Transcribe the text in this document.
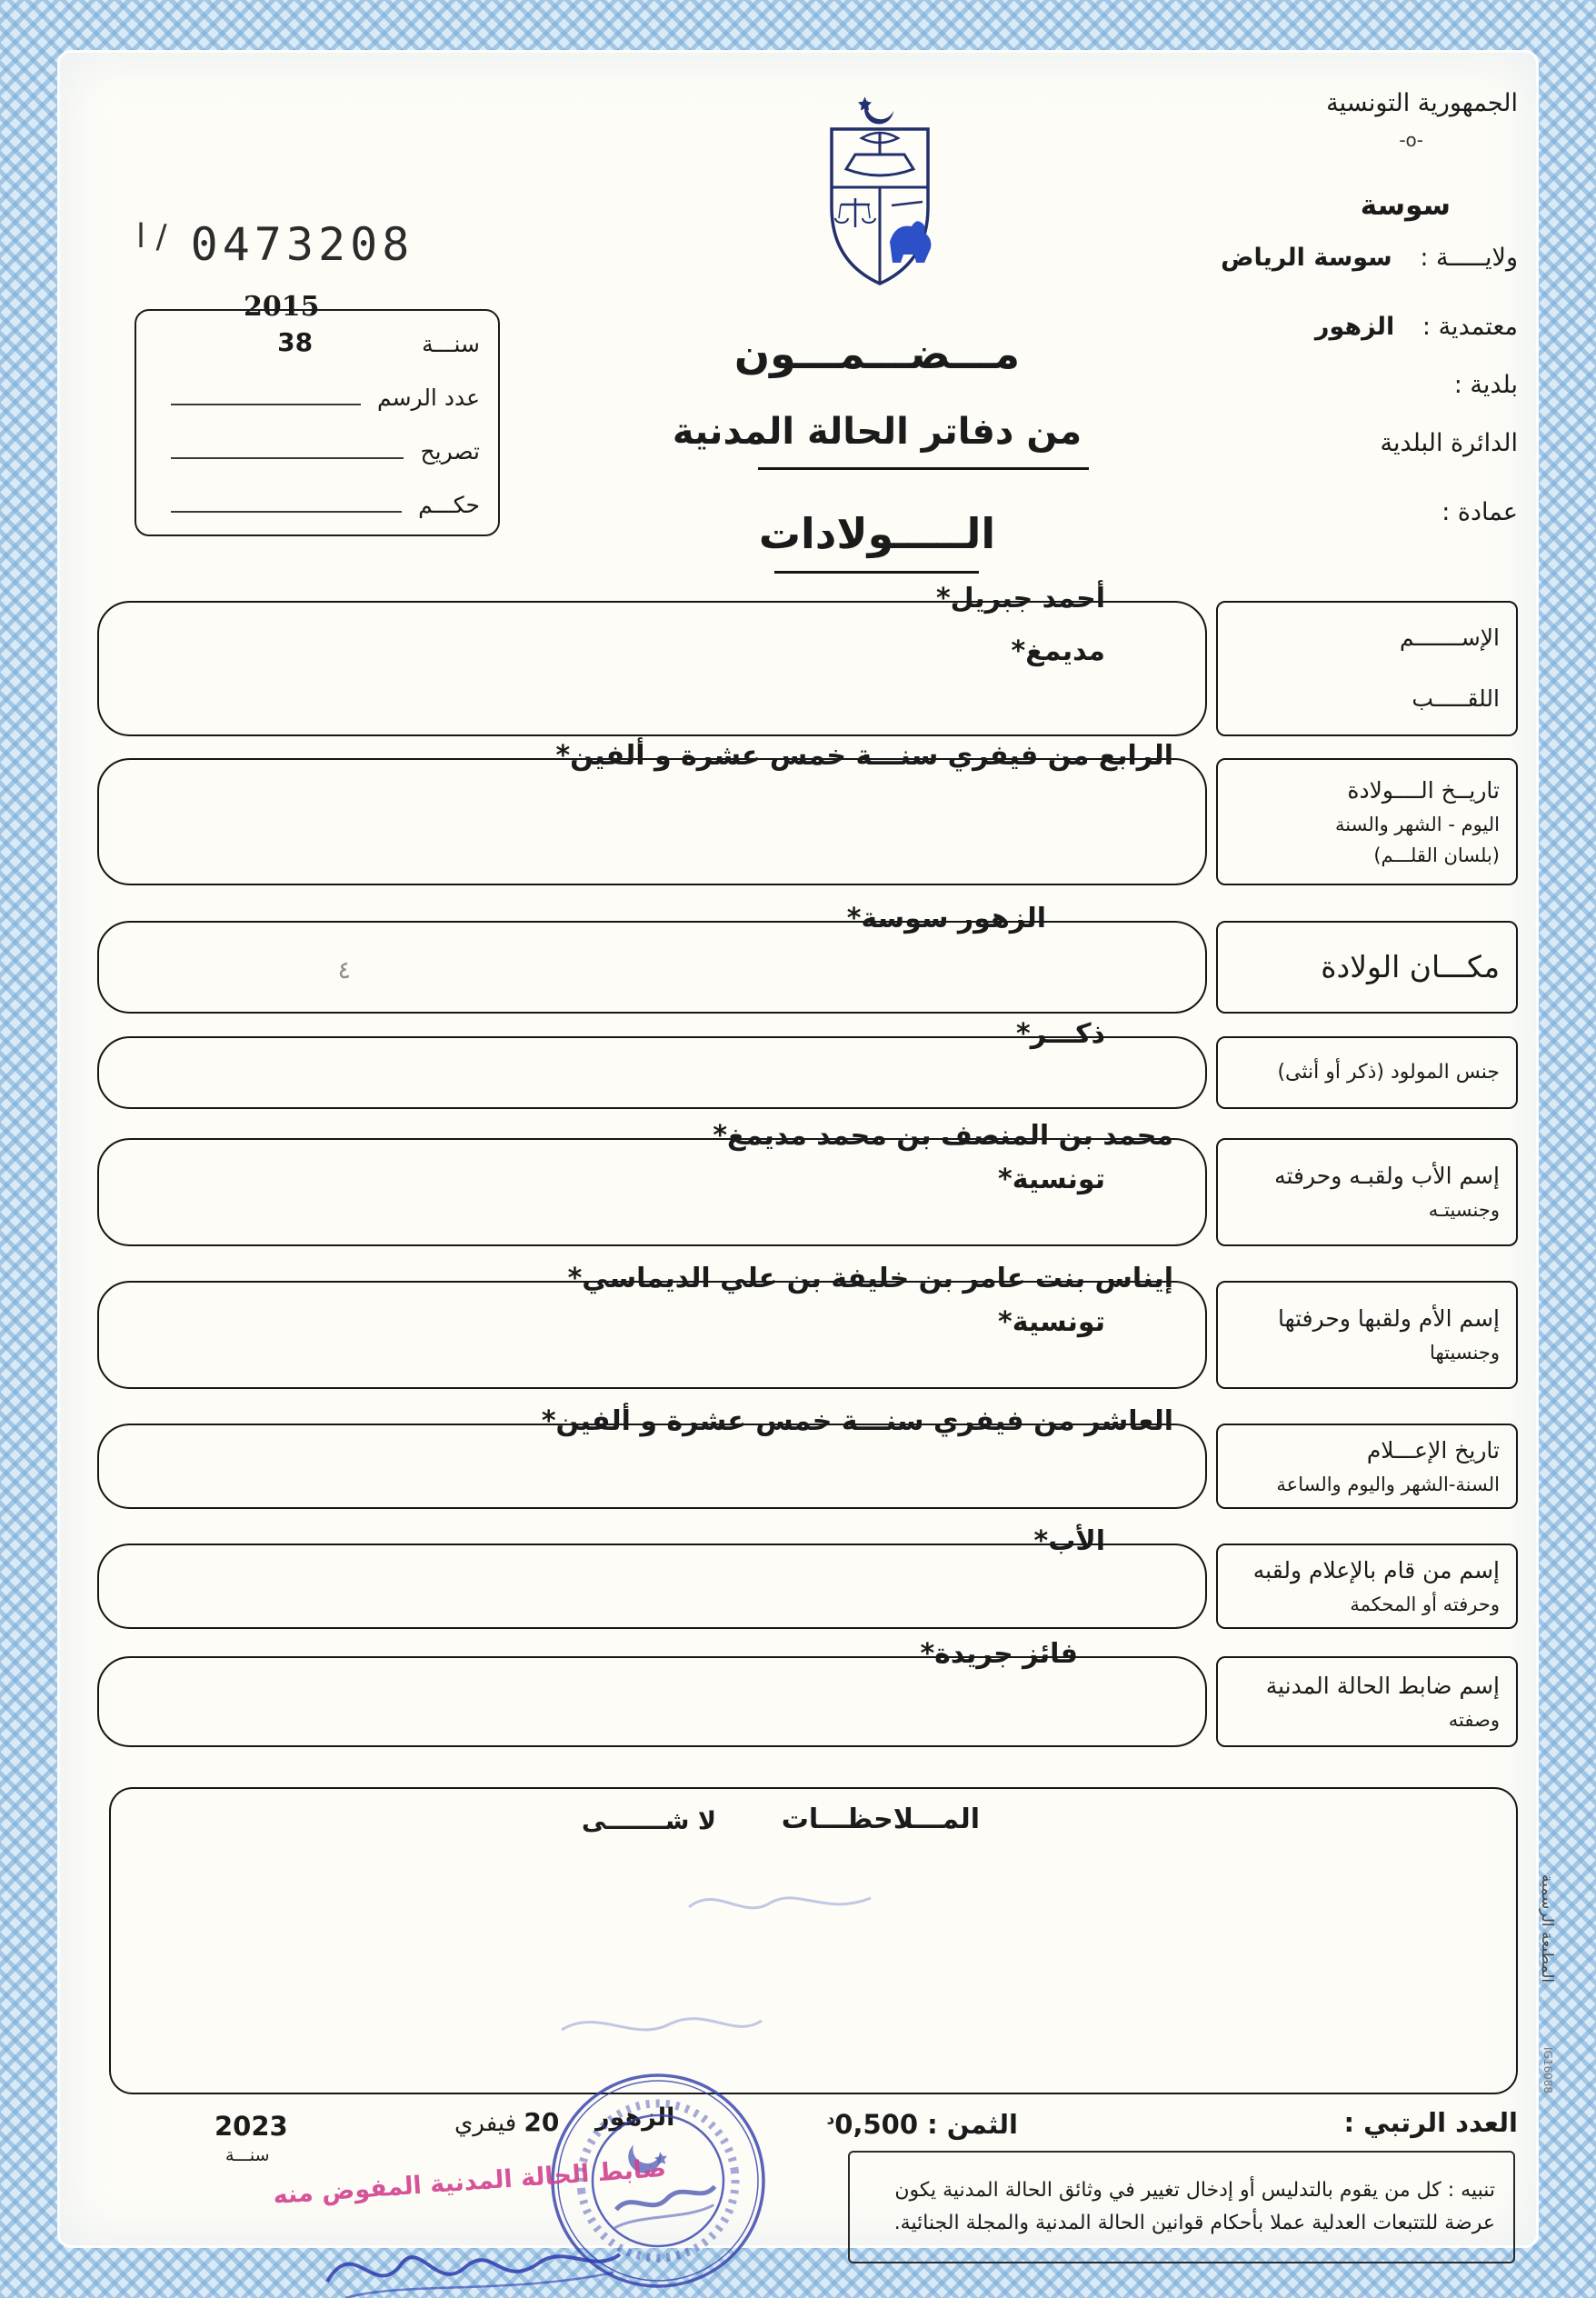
ا / 0473208
2015
سنـــة
38
عدد الرسم
تصريح
حكـــم
مـــضـــمـــون
من دفاتر الحالة المدنية
الـــــولادات
الجمهورية التونسية
-o-
سوسة
ولايـــــة : سوسة الرياض
معتمدية : الزهور
بلدية :
الدائرة البلدية
عمادة :
الإســـــــم
اللقـــــب
أحمد جبريل*
مديمغ*
تاريــخ الــــولادة
اليوم - الشهر والسنة
(بلسان القلـــم)
الرابع من فيفري سنـــة خمس عشرة و ألفين*
مكـــان الولادة
الزهور سوسة*
٤
جنس المولود (ذكر أو أنثى)
ذكـــر*
إسم الأب ولقبـه وحرفته
وجنسيتـه
محمد بن المنصف بن محمد مديمغ*
تونسية*
إسم الأم ولقبها وحرفتها
وجنسيتها
إيناس بنت عامر بن خليفة بن علي الديماسي*
تونسية*
تاريخ الإعـــلام
السنة-الشهر واليوم والساعة
العاشر من فيفري سنـــة خمس عشرة و ألفين*
إسم من قام بالإعلام ولقبه
وحرفته أو المحكمة
الأب*
إسم ضابط الحالة المدنية
وصفته
فائز جريدة*
المـــلاحظـــات
لا شـــــــى
العدد الرتبي :
الثمن : $0,500^د$
الزهور
20 فيفري
2023
سنـــة
تنبيه : كل من يقوم بالتدليس أو إدخال تغيير في وثائق الحالة المدنية يكون عرضة للتتبعات العدلية عملا بأحكام قوانين الحالة المدنية والمجلة الجنائية.
ضابط الحالة المدنية المفوض منه
المطبعة الرسمية
IG16088
